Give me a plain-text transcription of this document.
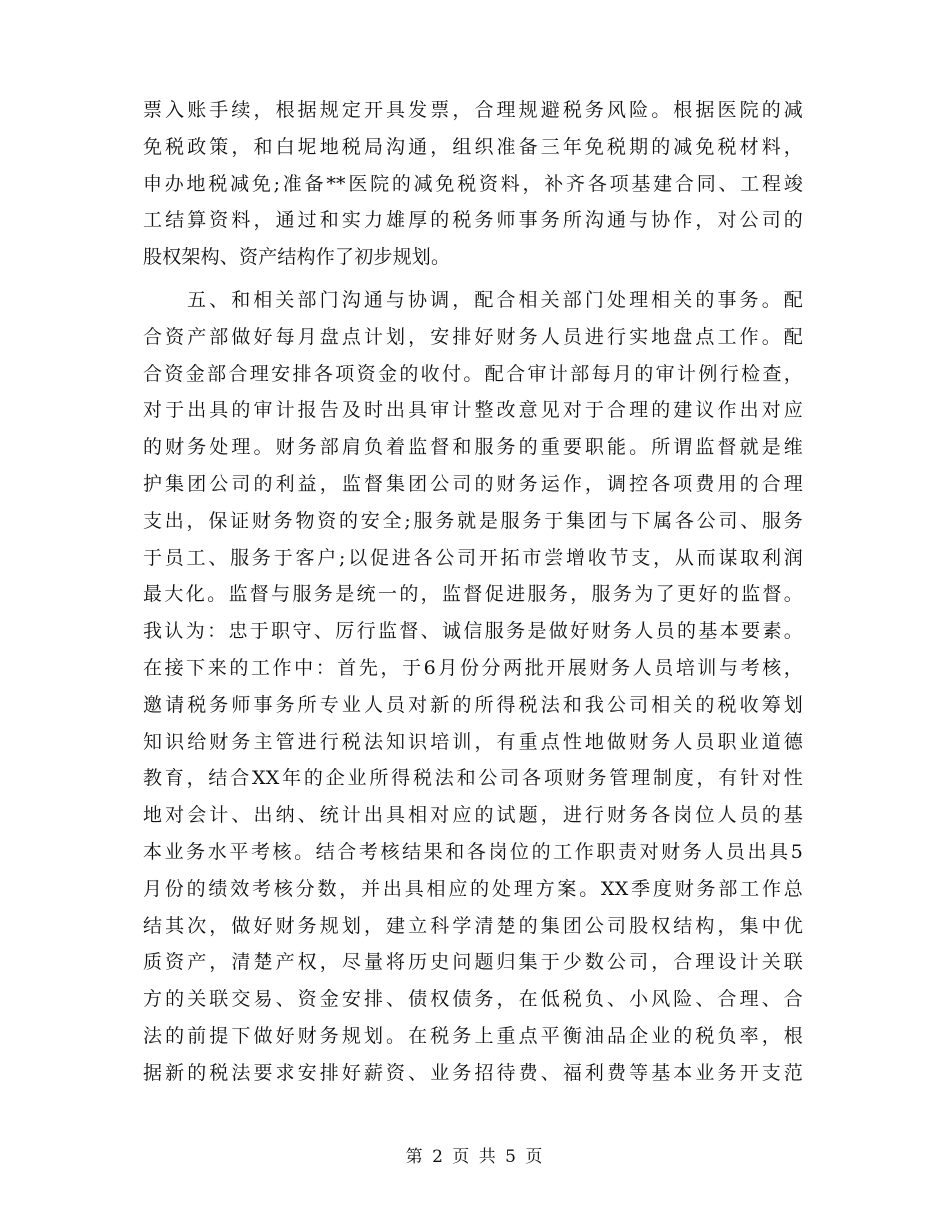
票入账手续，根据规定开具发票，合理规避税务风险。根据医院的减
免税政策，和白坭地税局沟通，组织准备三年免税期的减免税材料，
申办地税减免;准备**医院的减免税资料，补齐各项基建合同、工程竣
工结算资料，通过和实力雄厚的税务师事务所沟通与协作，对公司的
股权架构、资产结构作了初步规划。
五、和相关部门沟通与协调，配合相关部门处理相关的事务。配
合资产部做好每月盘点计划，安排好财务人员进行实地盘点工作。配
合资金部合理安排各项资金的收付。配合审计部每月的审计例行检查，
对于出具的审计报告及时出具审计整改意见对于合理的建议作出对应
的财务处理。财务部肩负着监督和服务的重要职能。所谓监督就是维
护集团公司的利益，监督集团公司的财务运作，调控各项费用的合理
支出，保证财务物资的安全;服务就是服务于集团与下属各公司、服务
于员工、服务于客户;以促进各公司开拓市尝增收节支，从而谋取利润
最大化。监督与服务是统一的，监督促进服务，服务为了更好的监督。
我认为：忠于职守、厉行监督、诚信服务是做好财务人员的基本要素。
在接下来的工作中：首先，于6月份分两批开展财务人员培训与考核，
邀请税务师事务所专业人员对新的所得税法和我公司相关的税收筹划
知识给财务主管进行税法知识培训，有重点性地做财务人员职业道德
教育，结合XX年的企业所得税法和公司各项财务管理制度，有针对性
地对会计、出纳、统计出具相对应的试题，进行财务各岗位人员的基
本业务水平考核。结合考核结果和各岗位的工作职责对财务人员出具5
月份的绩效考核分数，并出具相应的处理方案。XX季度财务部工作总
结其次，做好财务规划，建立科学清楚的集团公司股权结构，集中优
质资产，清楚产权，尽量将历史问题归集于少数公司，合理设计关联
方的关联交易、资金安排、债权债务，在低税负、小风险、合理、合
法的前提下做好财务规划。在税务上重点平衡油品企业的税负率，根
据新的税法要求安排好薪资、业务招待费、福利费等基本业务开支范
第 2 页 共 5 页
